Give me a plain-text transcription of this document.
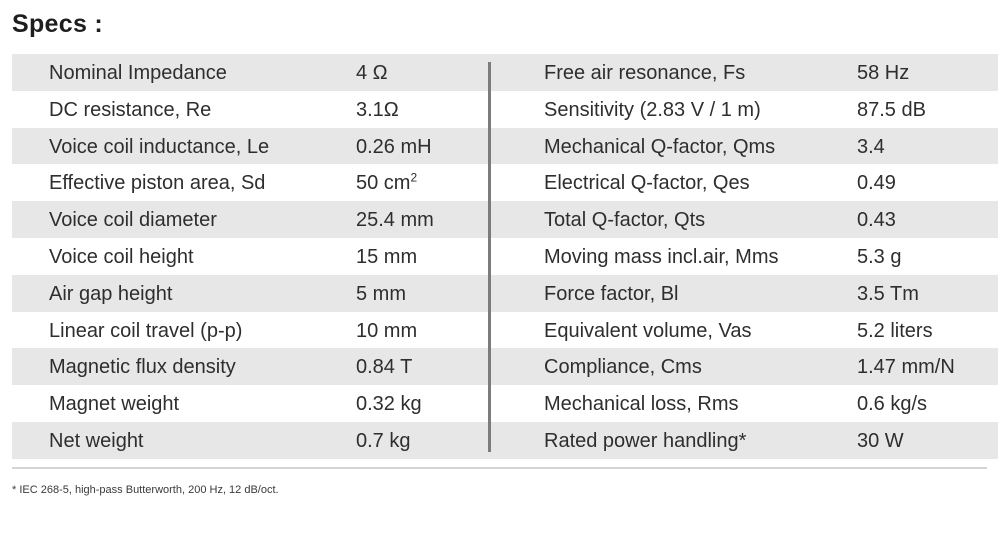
Specs :
Nominal Impedance	4 Ω	Free air resonance, Fs	58 Hz
DC resistance, Re	3.1Ω	Sensitivity (2.83 V / 1 m)	87.5 dB
Voice coil inductance, Le	0.26 mH	Mechanical Q-factor, Qms	3.4
Effective piston area, Sd	50 $cm^2$	Electrical Q-factor, Qes	0.49
Voice coil diameter	25.4 mm	Total Q-factor, Qts	0.43
Voice coil height	15 mm	Moving mass incl.air, Mms	5.3 g
Air gap height	5 mm	Force factor, Bl	3.5 Tm
Linear coil travel (p-p)	10 mm	Equivalent volume, Vas	5.2 liters
Magnetic flux density	0.84 T	Compliance, Cms	1.47 mm/N
Magnet weight	0.32 kg	Mechanical loss, Rms	0.6 kg/s
Net weight	0.7 kg	Rated power handling*	30 W
* IEC 268-5, high-pass Butterworth, 200 Hz, 12 dB/oct.
